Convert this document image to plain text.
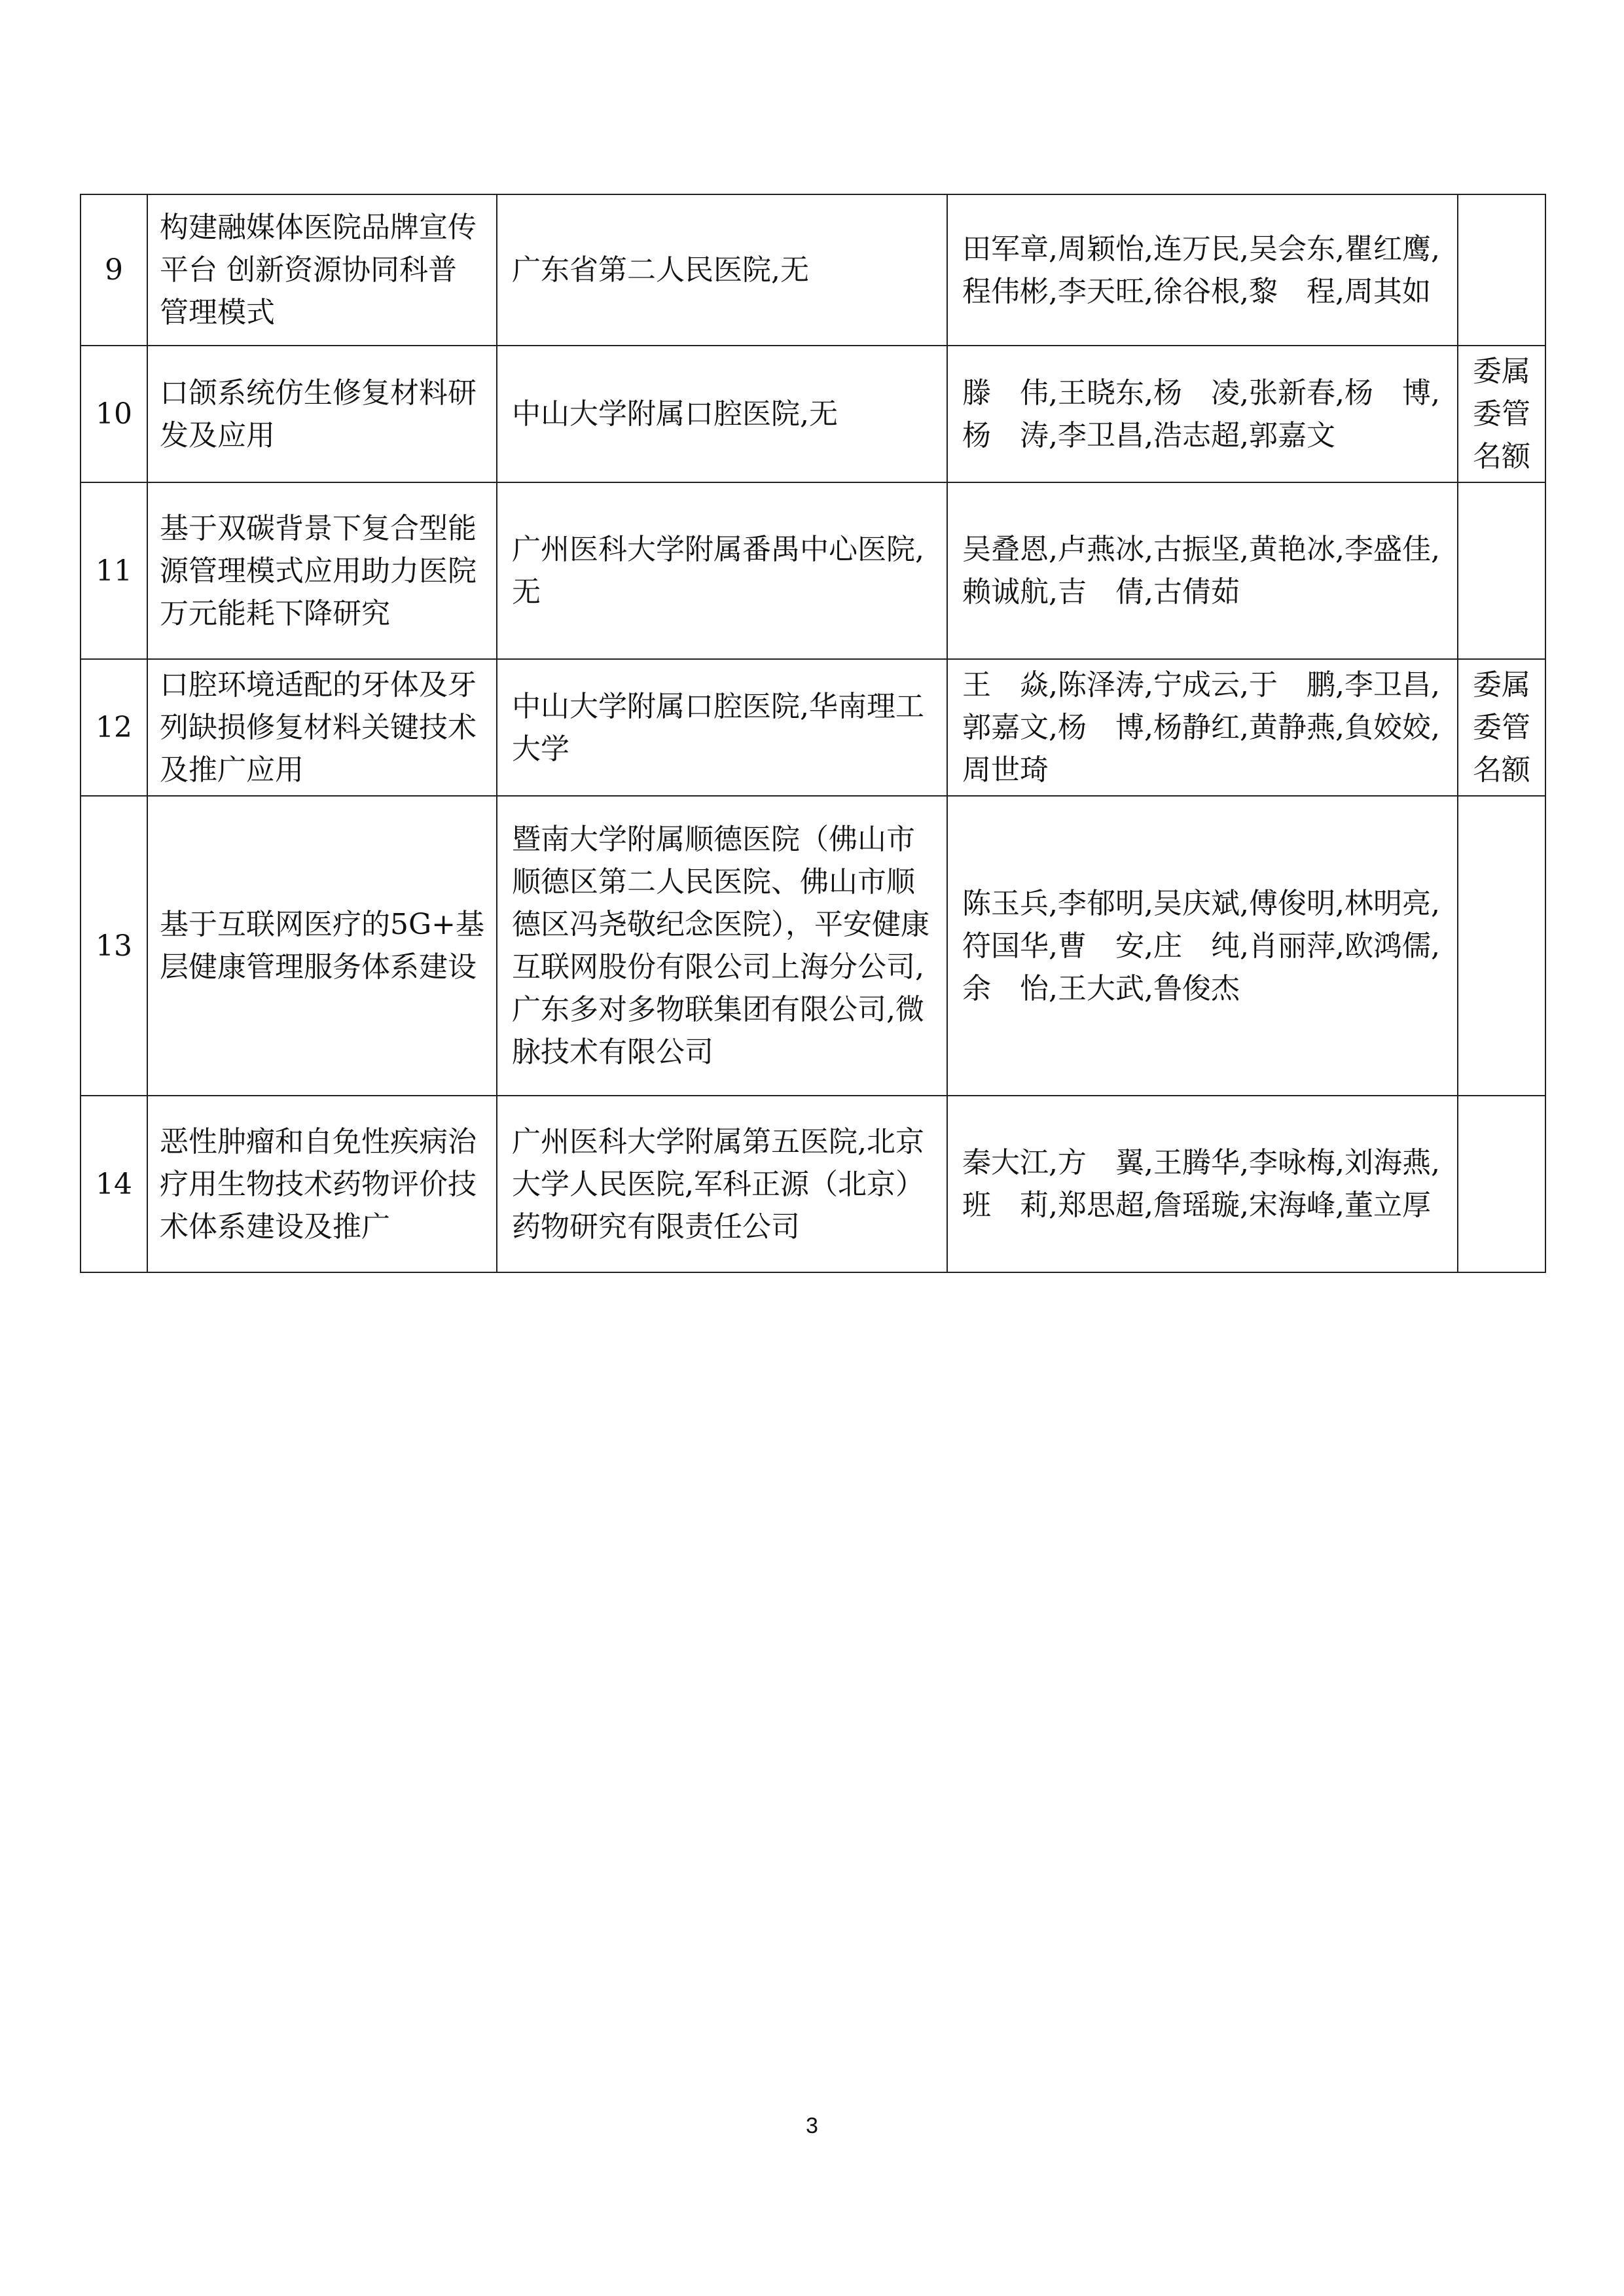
9	构建融媒体医院品牌宣传平台 创新资源协同科普管理模式	广东省第二人民医院,无	田军章,周颖怡,连万民,吴会东,瞿红鹰,程伟彬,李天旺,徐谷根,黎　程,周其如	
10	口颌系统仿生修复材料研发及应用	中山大学附属口腔医院,无	滕　伟,王晓东,杨　凌,张新春,杨　博,杨　涛,李卫昌,浩志超,郭嘉文	委属委管名额
11	基于双碳背景下复合型能源管理模式应用助力医院万元能耗下降研究	广州医科大学附属番禺中心医院,无	吴叠恩,卢燕冰,古振坚,黄艳冰,李盛佳,赖诚航,吉　倩,古倩茹	
12	口腔环境适配的牙体及牙列缺损修复材料关键技术及推广应用	中山大学附属口腔医院,华南理工大学	王　焱,陈泽涛,宁成云,于　鹏,李卫昌,郭嘉文,杨　博,杨静红,黄静燕,負姣姣,周世琦	委属委管名额
13	基于互联网医疗的5G+基层健康管理服务体系建设	暨南大学附属顺德医院（佛山市顺德区第二人民医院、佛山市顺德区冯尧敬纪念医院），平安健康互联网股份有限公司上海分公司,广东多对多物联集团有限公司,微脉技术有限公司	陈玉兵,李郁明,吴庆斌,傅俊明,林明亮,符国华,曹　安,庄　纯,肖丽萍,欧鸿儒,余　怡,王大武,鲁俊杰	
14	恶性肿瘤和自免性疾病治疗用生物技术药物评价技术体系建设及推广	广州医科大学附属第五医院,北京大学人民医院,军科正源（北京）药物研究有限责任公司	秦大江,方　翼,王腾华,李咏梅,刘海燕,班　莉,郑思超,詹瑶璇,宋海峰,董立厚	
3
